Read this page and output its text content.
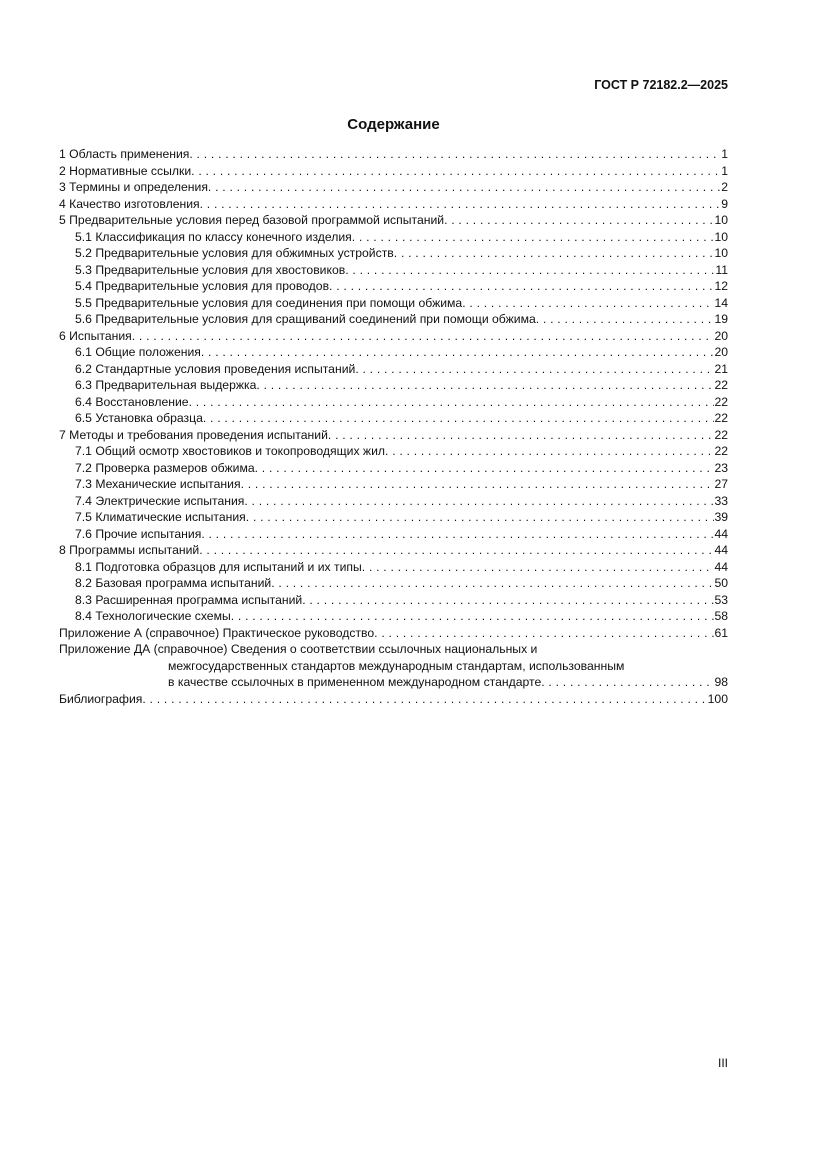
ГОСТ Р 72182.2—2025
Содержание
1 Область применения . . .	1
2 Нормативные ссылки . . .	1
3 Термины и определения . . .	2
4 Качество изготовления . . .	9
5 Предварительные условия перед базовой программой испытаний . . .	10
5.1 Классификация по классу конечного изделия . . .	10
5.2 Предварительные условия для обжимных устройств . . .	10
5.3 Предварительные условия для хвостовиков . . .	11
5.4 Предварительные условия для проводов . . .	12
5.5 Предварительные условия для соединения при помощи обжима . . .	14
5.6 Предварительные условия для сращиваний соединений при помощи обжима . . .	19
6 Испытания . . .	20
6.1 Общие положения . . .	20
6.2 Стандартные условия проведения испытаний . . .	21
6.3 Предварительная выдержка . . .	22
6.4 Восстановление . . .	22
6.5 Установка образца . . .	22
7 Методы и требования проведения испытаний . . .	22
7.1 Общий осмотр хвостовиков и токопроводящих жил . . .	22
7.2 Проверка размеров обжима . . .	23
7.3 Механические испытания . . .	27
7.4 Электрические испытания . . .	33
7.5 Климатические испытания . . .	39
7.6 Прочие испытания . . .	44
8 Программы испытаний . . .	44
8.1 Подготовка образцов для испытаний и их типы . . .	44
8.2 Базовая программа испытаний . . .	50
8.3 Расширенная программа испытаний . . .	53
8.4 Технологические схемы . . .	58
Приложение А (справочное) Практическое руководство . . .	61
Приложение ДА (справочное) Сведения о соответствии ссылочных национальных и
межгосударственных стандартов международным стандартам, использованным
в качестве ссылочных в примененном международном стандарте . . .	98
Библиография . . .	100
III
